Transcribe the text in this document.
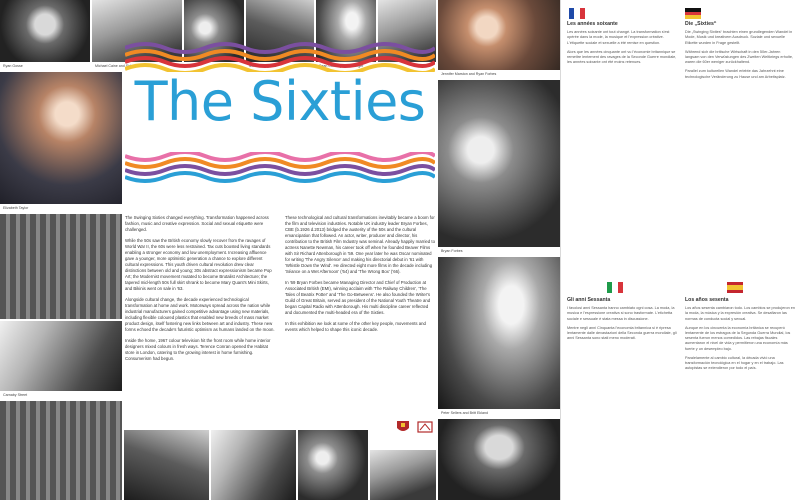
Ryan Gosse	Michael Caine and Sidney Welles	Mods in Brighton	Sean Connery in Goldfinger
Jennifer Marston and Ryan Forbes
Elizabeth Taylor
Carnaby Street
Bryan Forbes
Peter Sellers and Britt Ekland
The Sixties

The Swinging Sixties changed everything. Transformation happened across fashion, music and creative expression. Social and sexual etiquette were challenged.

While the 50s saw the British economy slowly recover from the ravages of World War II, the 60s were less restrained. Tax cuts boosted living standards enabling a stronger economy and low unemployment. Increasing affluence gave a younger, more optimistic generation a chance to explore different cultural expressions. This youth driven cultural revolution drew clear distinctions between old and young; 30s abstract expressionism became Pop Art; the Modernist movement mutated to become Brutalist Architecture; the tapered mid-length 50s full skirt shrank to become Mary Quant's Mini Skirts, and Bikinis went on sale in '63.

Alongside cultural change, the decade experienced technological transformation at home and work. Motorways spread across the nation while industrial manufacturers gained competitive advantage using new materials, including flexible coloured plastics that enabled new breeds of mass market product design, itself fostering new links between art and industry. These new forms echoed the decade's futuristic optimism as humans landed on the moon.

Inside the home, 1967 colour television hit the front room while home interior designers mixed colours in fresh ways. Terence Conran opened the Habitat store in London, catering to the growing interest in home furnishing. Consumerism had begun.

These technological and cultural transformations inevitably became a boom for the film and television industries. Notable UK industry leader Bryan Forbes, CBE (b.1926 d.2013) bridged the austerity of the 50s and the cultural emancipation that followed. An actor, writer, producer and director, his contribution to the British Film Industry was seminal. Already happily married to actress Nanette Newman, his career took off when he founded Beaver Films with Sir Richard Attenborough in '59. One year later he was Oscar nominated for writing 'The Angry Silence' and making his directorial debut in '61 with 'Whistle Down the Wind'. He directed eight more films in the decade including 'Séance on a Wet Afternoon' ('64) and 'The Wrong Box' ('66).

In '69 Bryan Forbes became Managing Director and Chief of Production at Associated British (EMI), winning acclaim with 'The Railway Children', 'The Tales of Beatrix Potter' and 'The Go-Betweens'. He also founded the Writer's Guild of Great Britain, served as president of the National Youth Theatre and began Capital Radio with Attenborough. His multi discipline career reflected and documented the multi-headed era of the Sixties.

In this exhibition we look at some of the other key people, movements and events which helped to shape this iconic decade.

Les années soixante

Les années soixante ont tout changé. La transformation s'est opérée dans la mode, la musique et l'expression créative. L'étiquette sociale et sexuelle a été remise en question.

Alors que les années cinquante ont vu l'économie britannique se remettre lentement des ravages de la Seconde Guerre mondiale, les années soixante ont été moins retenues.

Die „Sixties“

Die „Swinging Sixties“ brachten einen grundlegenden Wandel in Mode, Musik und kreativem Ausdruck. Soziale und sexuelle Etikette wurden in Frage gestellt.

Während sich die britische Wirtschaft in den 50er-Jahren langsam von den Verwüstungen des Zweiten Weltkriegs erholte, waren die 60er weniger zurückhaltend.

Parallel zum kulturellen Wandel erlebte das Jahrzehnt eine technologische Veränderung zu Hause und am Arbeitsplatz.

Gli anni Sessanta

I favolosi anni Sessanta hanno cambiato ogni cosa. La moda, la musica e l'espressione creativa si sono trasformate. L'etichetta sociale e sessuale è stata messa in discussione.

Mentre negli anni Cinquanta l'economia britannica si è ripresa lentamente dalle devastazioni della Seconda guerra mondiale, gli anni Sessanta sono stati meno moderati.

Los años sesenta

Los años sesenta cambiaron todo. Los cambios se produjeron en la moda, la música y la expresión creativa. Se desafiaron las normas de conducta social y sexual.

Aunque en los cincuenta la economía británica se recuperó lentamente de los estragos de la Segunda Guerra Mundial, los sesenta fueron menos comedidos. Las rebajas fiscales aumentaron el nivel de vida y permitieron una economía más fuerte y un desempleo bajo.

Paralelamente al cambio cultural, la década vivió una transformación tecnológica en el hogar y en el trabajo. Las autopistas se extendieron por todo el país.
